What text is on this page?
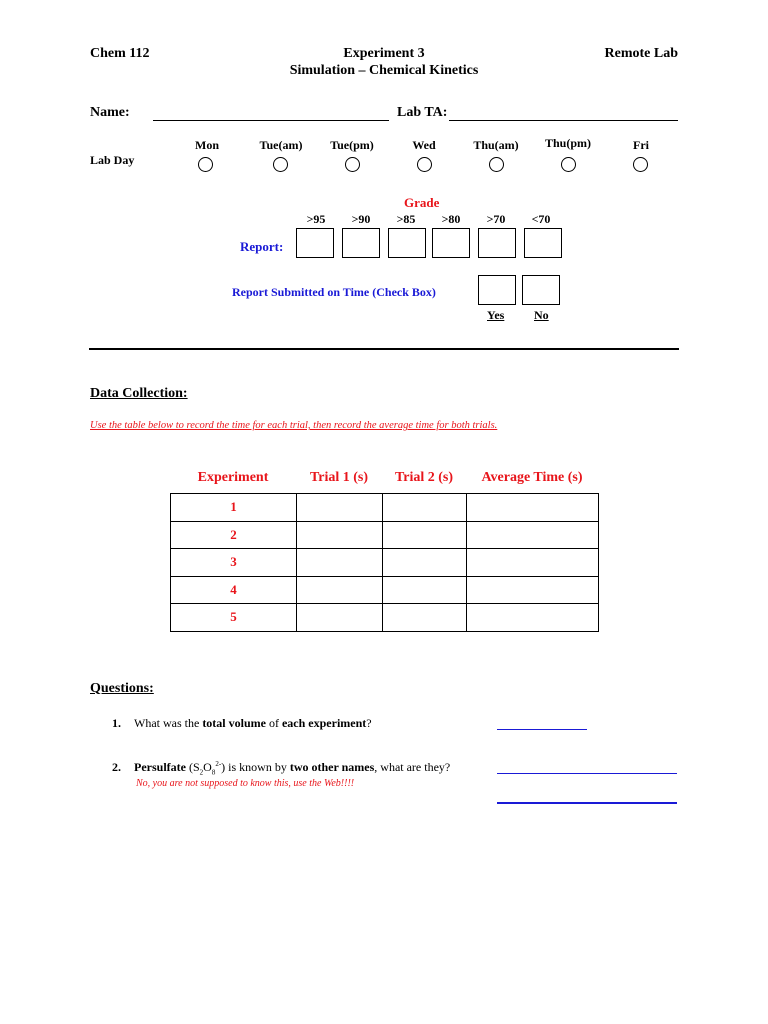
Chem 112	Experiment 3
Simulation – Chemical Kinetics
Remote Lab
Name:	Lab TA:
Lab Day
Mon	Tue(am)	Tue(pm)	Wed	Thu(am)	Thu(pm)	Fri
Grade
>95	>90	>85	>80	>70	<70
Report:
Report Submitted on Time (Check Box)
Yes No
Data Collection:
Use the table below to record the time for each trial, then record the average time for both trials.
Experiment	Trial 1 (s)	Trial 2 (s)	Average Time (s)
1			
2			
3			
4			
5			
Questions:
1. What was the total volume of each experiment?
2. Persulfate $(S_2O_8^{2-})$ is known by two other names, what are they?
No, you are not supposed to know this, use the Web!!!!
